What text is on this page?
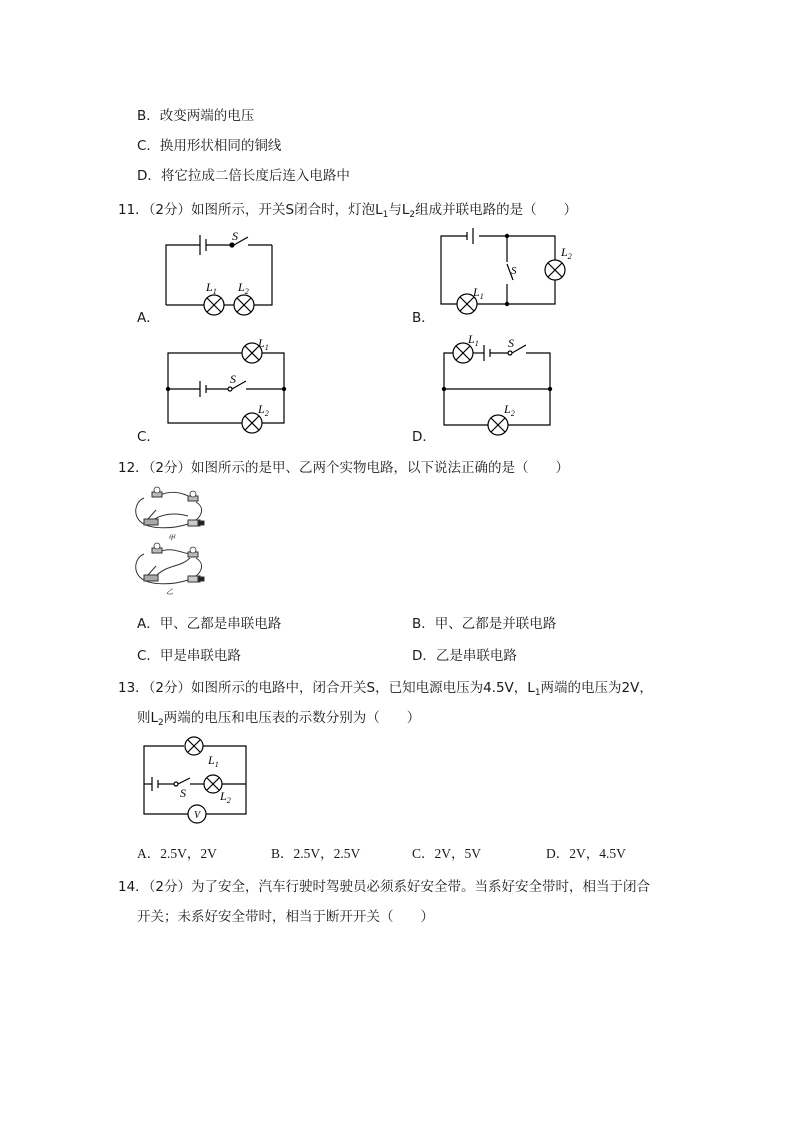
B．改变两端的电压
C．换用形状相同的铜线
D．将它拉成二倍长度后连入电路中
11．（2分）如图所示，开关S闭合时，灯泡$L_1$与$L_2$组成并联电路的是（　　）
A．
S
$L_1$ $L_2$
B．
S
$L_1$
$L_2$
C．
S
$L_1$
$L_2$
D．
S
$L_1$
$L_2$
12．（2分）如图所示的是甲、乙两个实物电路，以下说法正确的是（　　）
甲
乙
A．甲、乙都是串联电路	B．甲、乙都是并联电路
C．甲是串联电路	D．乙是串联电路
13．（2分）如图所示的电路中，闭合开关S，已知电源电压为4.5V，$L_1$两端的电压为2V，
则$L_2$两端的电压和电压表的示数分别为（　　）
V
$L_1$
S	$L_2$
A．2.5V，2V	B．2.5V，2.5V	C．2V，5V	D．2V，4.5V
14．（2分）为了安全，汽车行驶时驾驶员必须系好安全带。当系好安全带时，相当于闭合
开关；未系好安全带时，相当于断开开关（　　）
